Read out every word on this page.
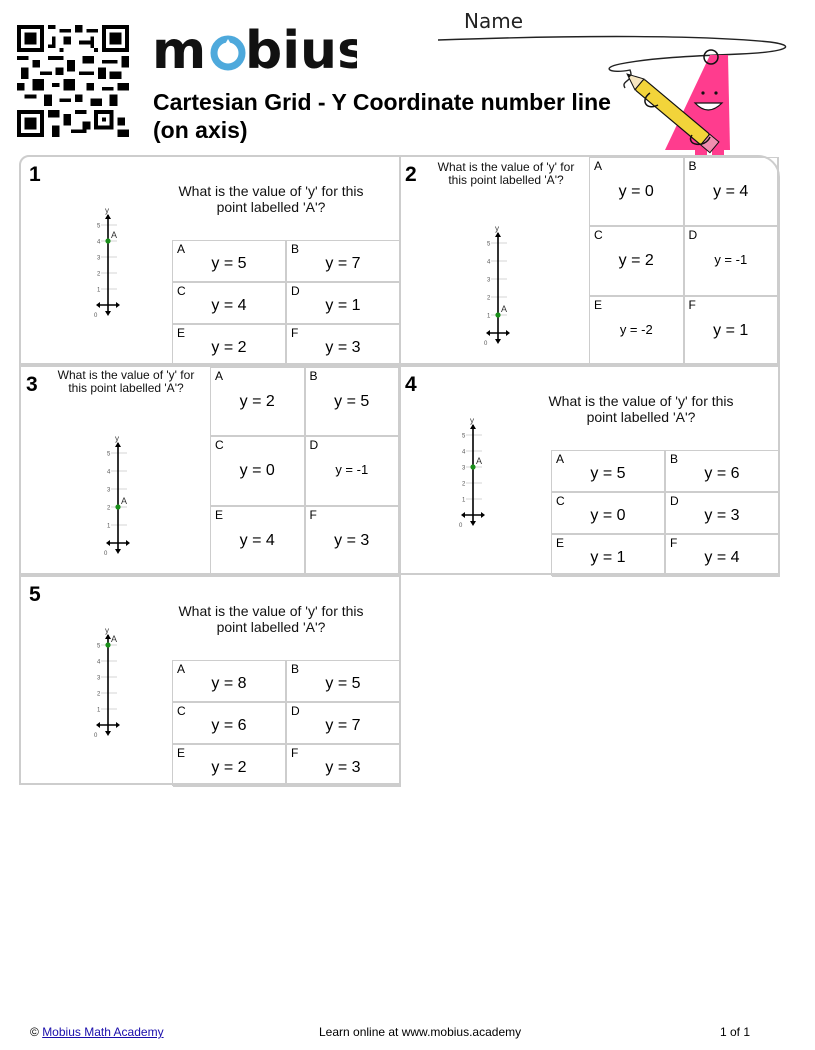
m bius
Cartesian Grid - Y Coordinate number line (on axis)
Name
1
What is the value of 'y' for this point labelled 'A'?
1
2
3
4
5
y
0
A
A
y = 5
B
y = 7
C
y = 4
D
y = 1
E
y = 2
F
y = 3
2	What is the value of 'y' for this point labelled 'A'?
1
2
3
4
5
y
0
A
A
y = 0
B
y = 4
C
y = 2
D
y = -1
E
y = -2
F
y = 1
3	What is the value of 'y' for this point labelled 'A'?
1
2
3
4
5
y
0
A
A
y = 2
B
y = 5
C
y = 0
D
y = -1
E
y = 4
F
y = 3
4
What is the value of 'y' for this point labelled 'A'?
1
2
3
4
5
y
0
A	A
y = 5
B
y = 6
C
y = 0
D
y = 3
E
y = 1
F
y = 4
5
What is the value of 'y' for this point labelled 'A'?
1
2
3
4
5
y
0
A
A
y = 8
B
y = 5
C
y = 6
D
y = 7
E
y = 2
F
y = 3
© Mobius Math Academy	Learn online at www.mobius.academy	1 of 1
